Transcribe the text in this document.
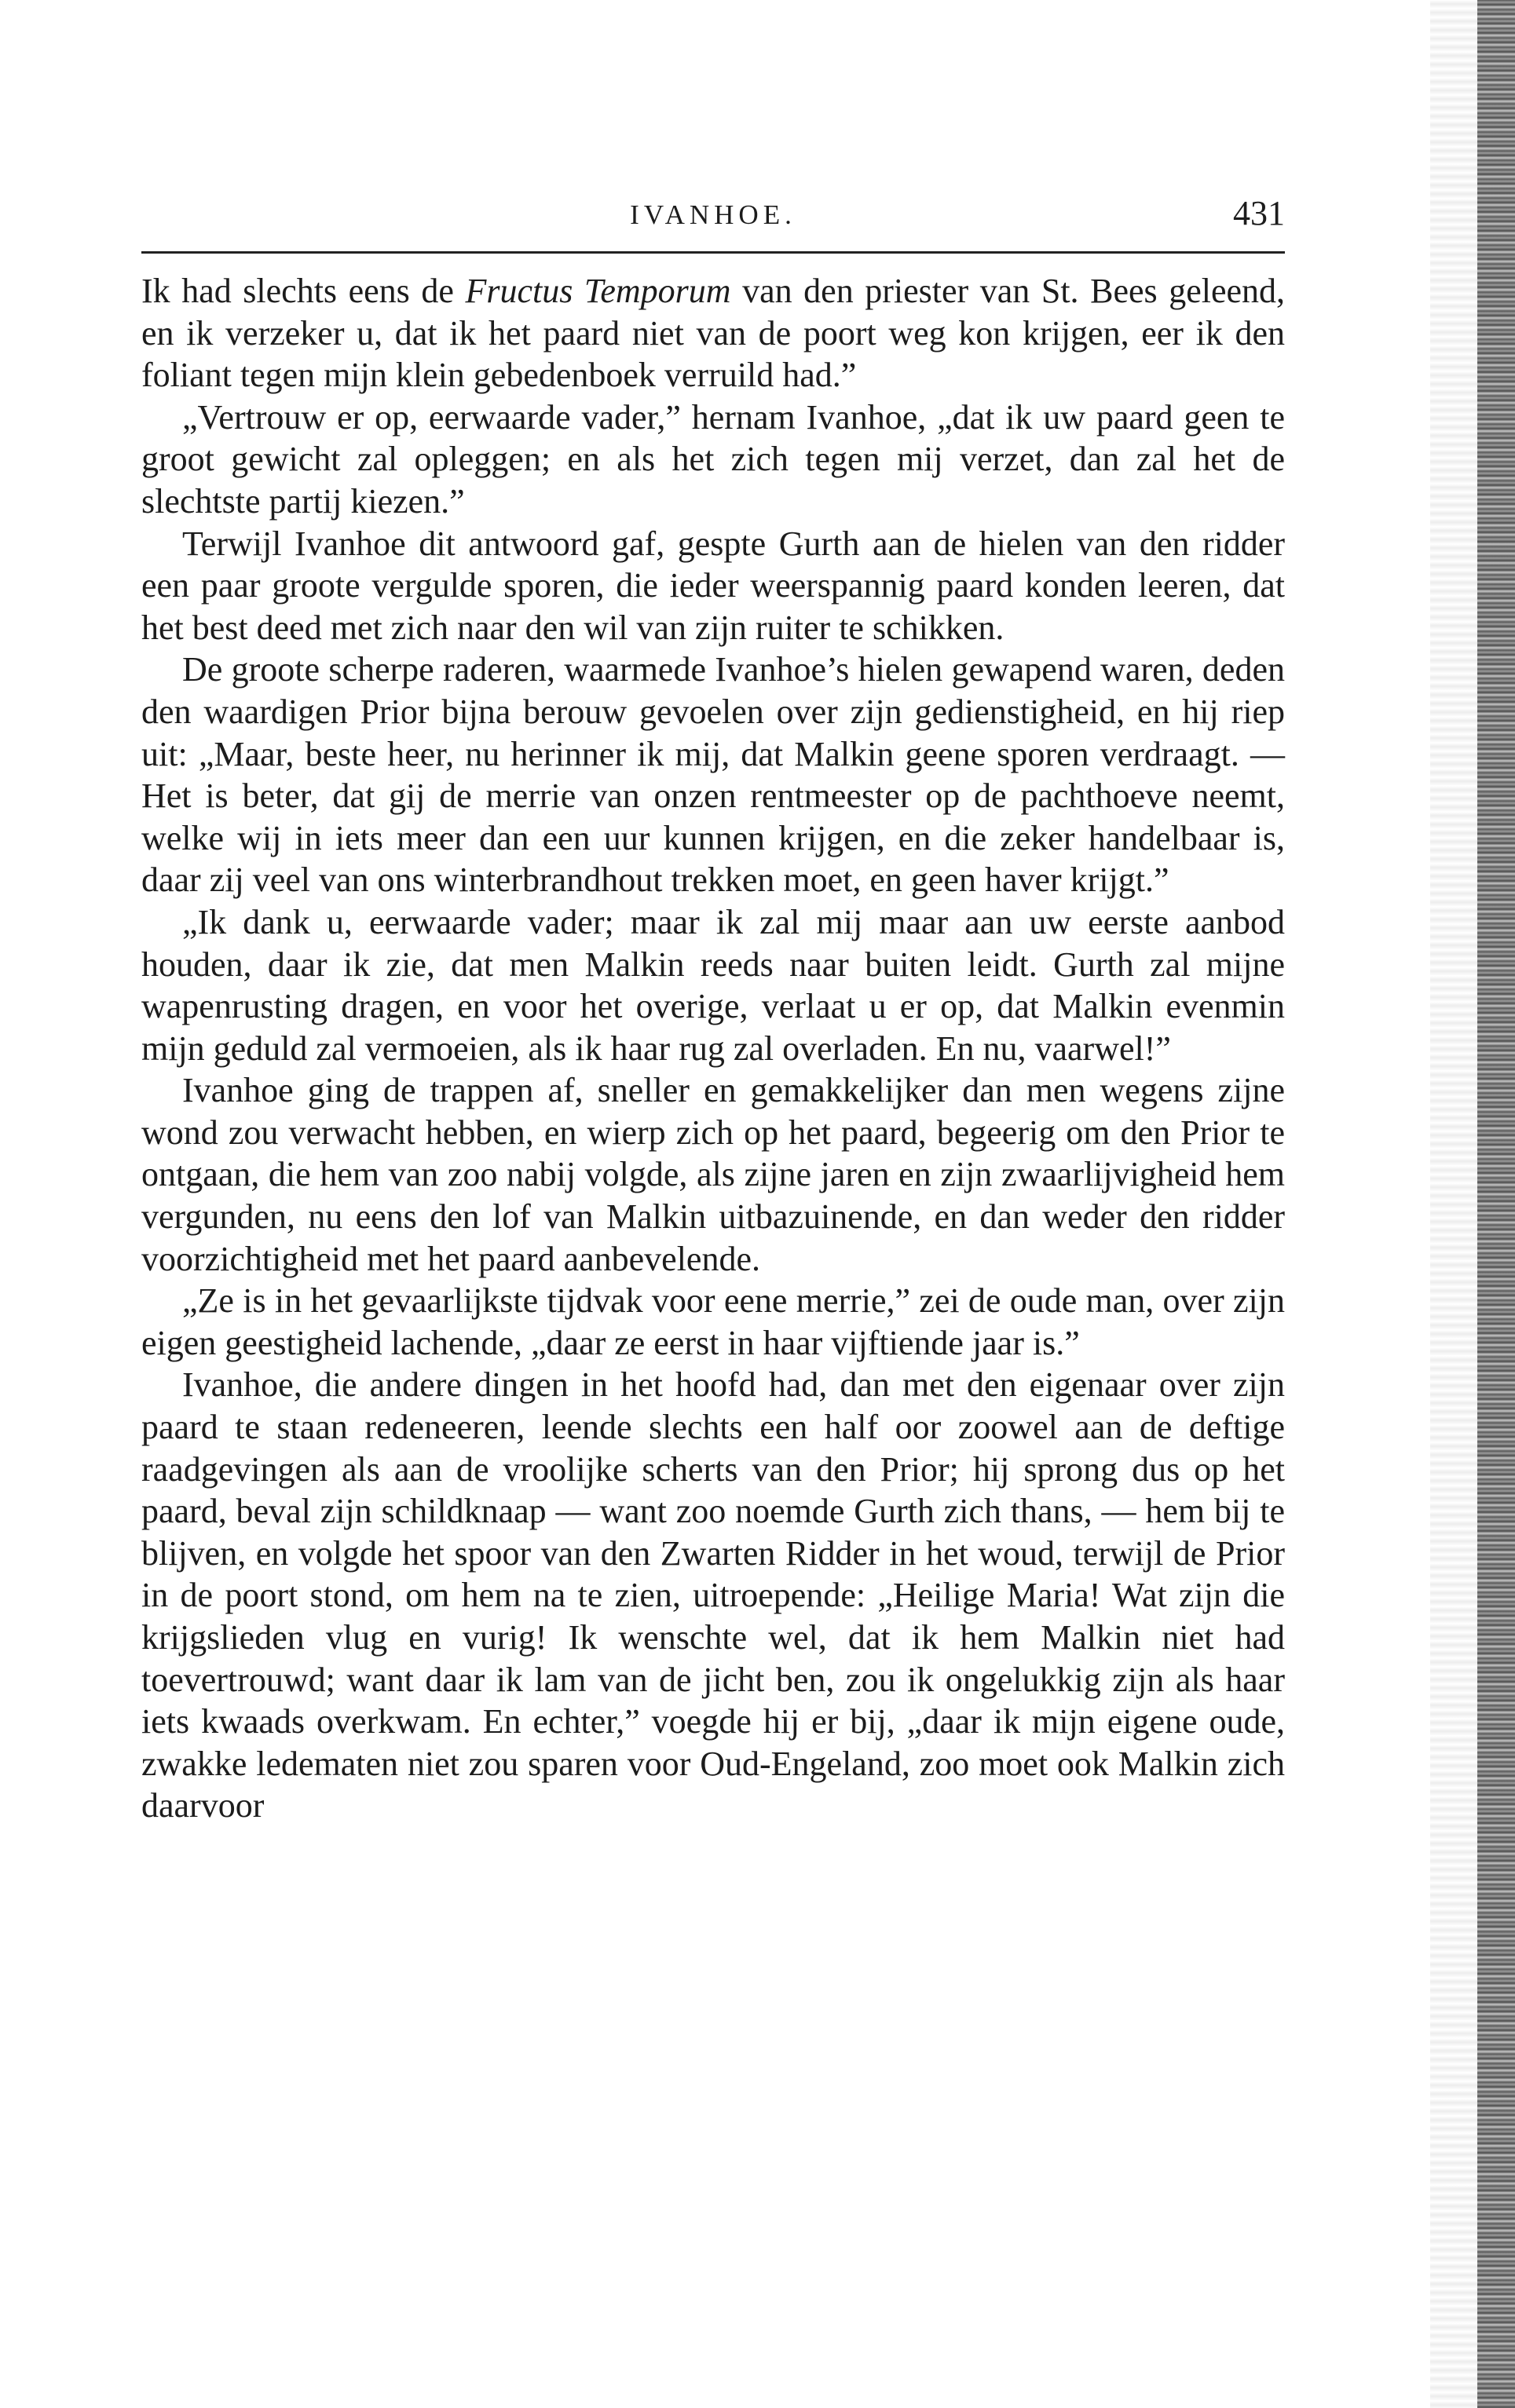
IVANHOE.	431

Ik had slechts eens de Fructus Temporum van den priester van St. Bees geleend, en ik verzeker u, dat ik het paard niet van de poort weg kon krijgen, eer ik den foliant tegen mijn klein gebedenboek verruild had.”

„Vertrouw er op, eerwaarde vader,” hernam Ivanhoe, „dat ik uw paard geen te groot gewicht zal opleggen; en als het zich tegen mij verzet, dan zal het de slechtste partij kiezen.”

Terwijl Ivanhoe dit antwoord gaf, gespte Gurth aan de hielen van den ridder een paar groote vergulde sporen, die ieder weerspannig paard konden leeren, dat het best deed met zich naar den wil van zijn ruiter te schikken.

De groote scherpe raderen, waarmede Ivanhoe’s hielen gewapend waren, deden den waardigen Prior bijna berouw gevoelen over zijn gedienstigheid, en hij riep uit: „Maar, beste heer, nu herinner ik mij, dat Malkin geene sporen verdraagt. — Het is beter, dat gij de merrie van onzen rentmeester op de pachthoeve neemt, welke wij in iets meer dan een uur kunnen krijgen, en die zeker handelbaar is, daar zij veel van ons winterbrandhout trekken moet, en geen haver krijgt.”

„Ik dank u, eerwaarde vader; maar ik zal mij maar aan uw eerste aanbod houden, daar ik zie, dat men Malkin reeds naar buiten leidt. Gurth zal mijne wapenrusting dragen, en voor het overige, verlaat u er op, dat Malkin evenmin mijn geduld zal vermoeien, als ik haar rug zal overladen. En nu, vaarwel!”

Ivanhoe ging de trappen af, sneller en gemakkelijker dan men wegens zijne wond zou verwacht hebben, en wierp zich op het paard, begeerig om den Prior te ontgaan, die hem van zoo nabij volgde, als zijne jaren en zijn zwaarlijvigheid hem vergunden, nu eens den lof van Malkin uitbazuinende, en dan weder den ridder voorzichtigheid met het paard aanbevelende.

„Ze is in het gevaarlijkste tijdvak voor eene merrie,” zei de oude man, over zijn eigen geestigheid lachende, „daar ze eerst in haar vijftiende jaar is.”

Ivanhoe, die andere dingen in het hoofd had, dan met den eigenaar over zijn paard te staan redeneeren, leende slechts een half oor zoowel aan de deftige raadgevingen als aan de vroolijke scherts van den Prior; hij sprong dus op het paard, beval zijn schildknaap — want zoo noemde Gurth zich thans, — hem bij te blijven, en volgde het spoor van den Zwarten Ridder in het woud, terwijl de Prior in de poort stond, om hem na te zien, uitroepende: „Heilige Maria! Wat zijn die krijgslieden vlug en vurig! Ik wenschte wel, dat ik hem Malkin niet had toevertrouwd; want daar ik lam van de jicht ben, zou ik ongelukkig zijn als haar iets kwaads overkwam. En echter,” voegde hij er bij, „daar ik mijn eigene oude, zwakke ledematen niet zou sparen voor Oud-Engeland, zoo moet ook Malkin zich daarvoor
